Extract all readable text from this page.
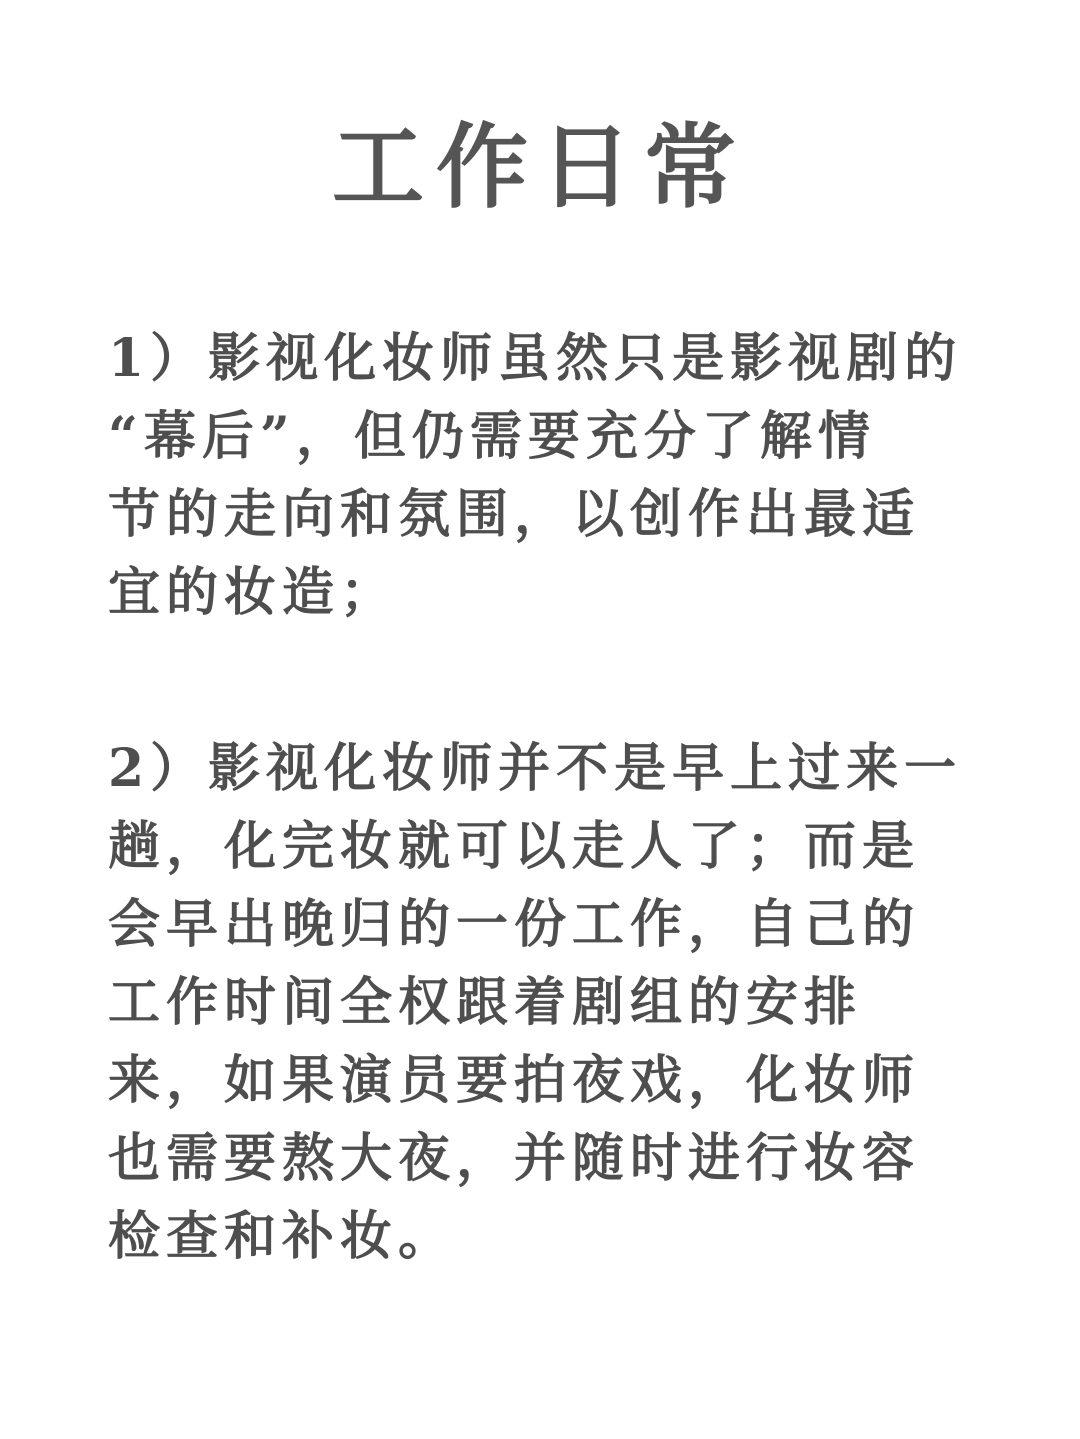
工作日常
1）影视化妆师虽然只是影视剧的
“幕后”，但仍需要充分了解情
节的走向和氛围，以创作出最适
宜的妆造；
2）影视化妆师并不是早上过来一
趟，化完妆就可以走人了；而是
会早出晚归的一份工作，自己的
工作时间全权跟着剧组的安排
来，如果演员要拍夜戏，化妆师
也需要熬大夜，并随时进行妆容
检查和补妆。
